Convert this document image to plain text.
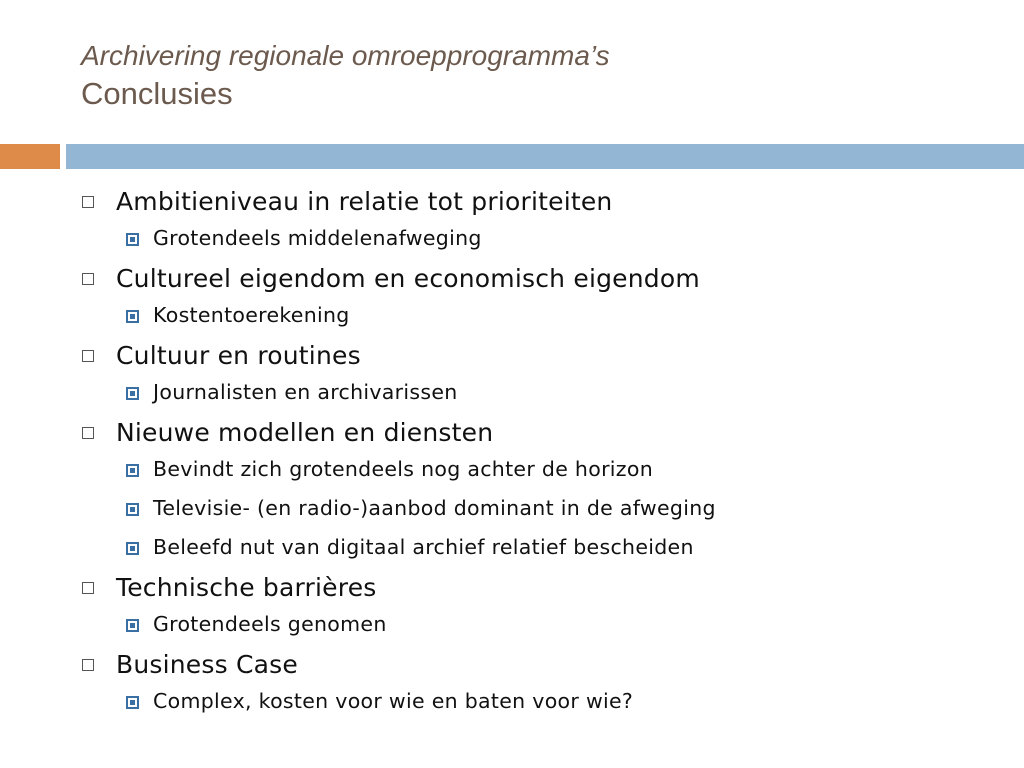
Archivering regionale omroepprogramma’s
Conclusies
Ambitieniveau in relatie tot prioriteiten
Grotendeels middelenafweging
Cultureel eigendom en economisch eigendom
Kostentoerekening
Cultuur en routines
Journalisten en archivarissen
Nieuwe modellen en diensten
Bevindt zich grotendeels nog achter de horizon
Televisie- (en radio-)aanbod dominant in de afweging
Beleefd nut van digitaal archief relatief bescheiden
Technische barrières
Grotendeels genomen
Business Case
Complex, kosten voor wie en baten voor wie?
